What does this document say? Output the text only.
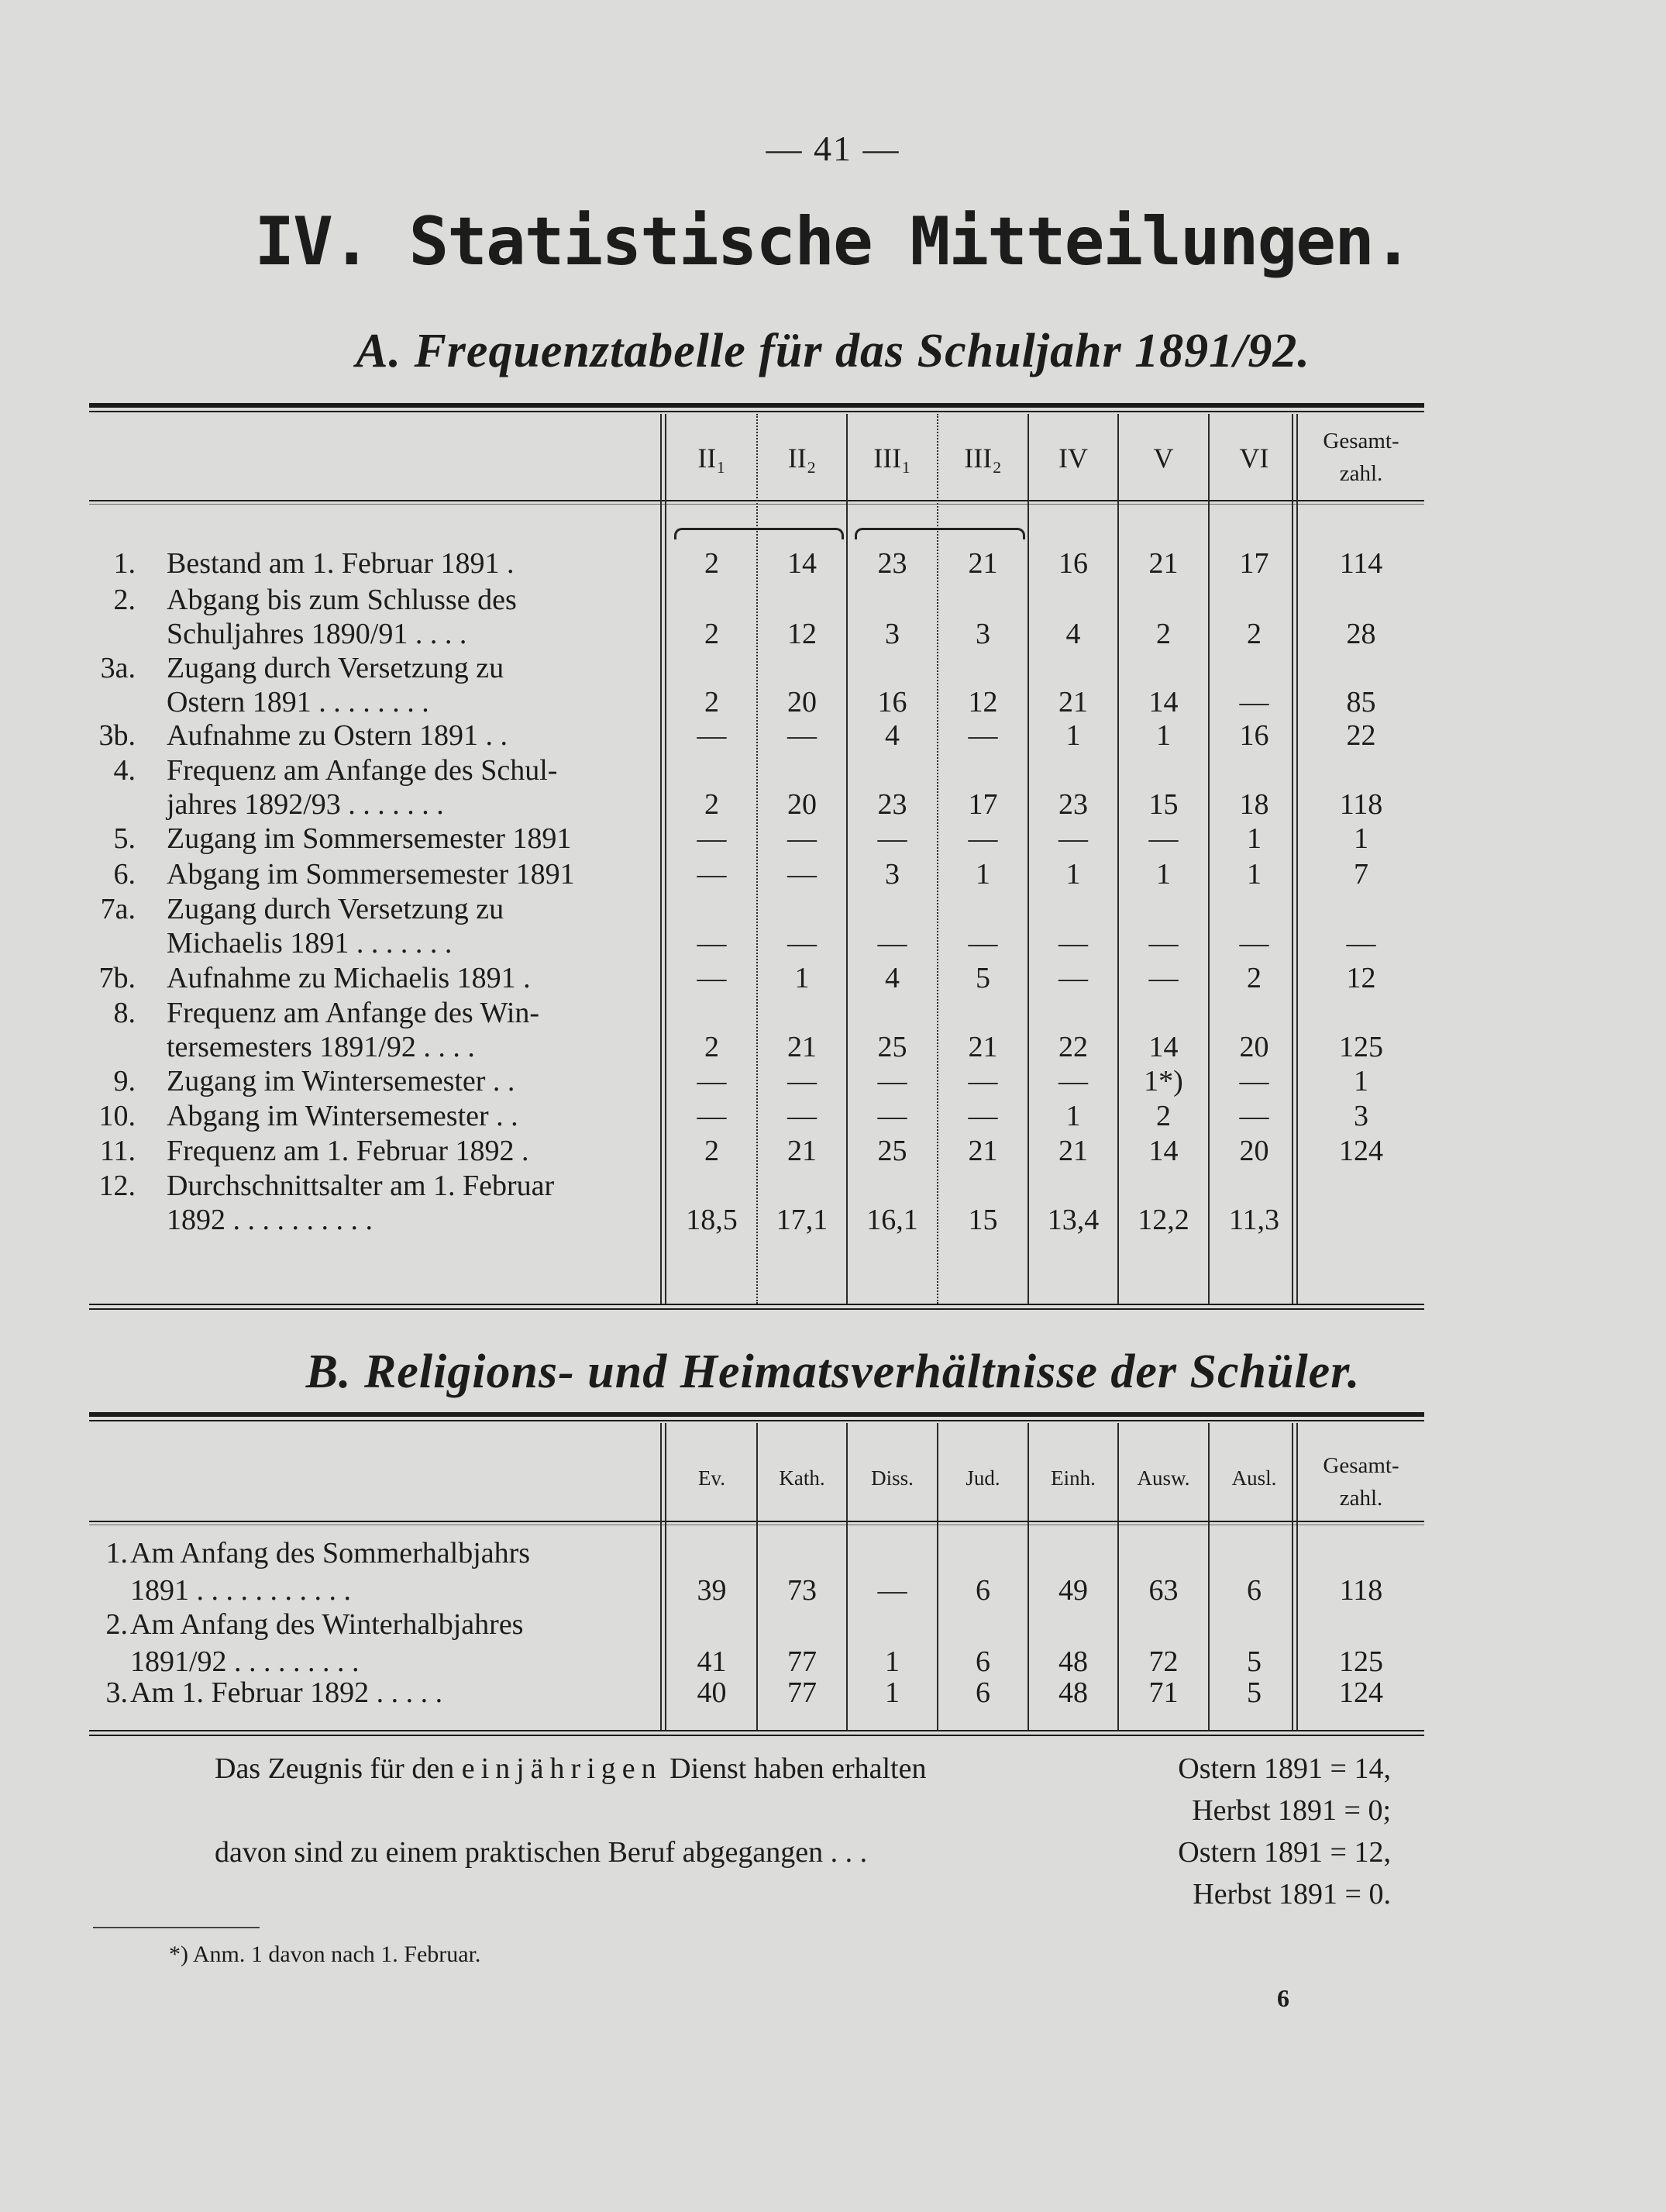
— 41 —
IV. Statistische Mitteilungen.
A. Frequenztabelle für das Schuljahr 1891/92.
II₁	II₂	III₁	III₂	IV	V	VI
Gesamt-
zahl.
1. Bestand am 1. Februar 1891 .	2	14	23	21	16	21	17	114
2. Abgang bis zum Schlusse des
Schuljahres 1890/91 . . . .	2	12	3	3	4	2	2	28
3a. Zugang durch Versetzung zu
Ostern 1891 . . . . . . . .	2	20	16	12	21	14	—	85
3b. Aufnahme zu Ostern 1891 . .	—	—	4	—	1	1	16	22
4. Frequenz am Anfange des Schul-
jahres 1892/93 . . . . . . .	2	20	23	17	23	15	18	118
5. Zugang im Sommersemester 1891	—	—	—	—	—	—	1	1
6. Abgang im Sommersemester 1891	—	—	3	1	1	1	1	7
7a. Zugang durch Versetzung zu
Michaelis 1891 . . . . . . .	—	—	—	—	—	—	—	—
7b. Aufnahme zu Michaelis 1891 .	—	1	4	5	—	—	2	12
8. Frequenz am Anfange des Win-
tersemesters 1891/92 . . . .	2	21	25	21	22	14	20	125
9. Zugang im Wintersemester . .	—	—	—	—	—	1*)	—	1
10. Abgang im Wintersemester . .	—	—	—	—	1	2	—	3
11. Frequenz am 1. Februar 1892 .	2	21	25	21	21	14	20	124
12. Durchschnittsalter am 1. Februar
1892 . . . . . . . . . .	18,5	17,1	16,1	15	13,4	12,2	11,3
B. Religions- und Heimatsverhältnisse der Schüler.
Ev.	Kath.	Diss.	Jud.	Einh.	Ausw.	Ausl.	Gesamt-
zahl.
1. Am Anfang des Sommerhalbjahrs
1891 . . . . . . . . . . .	39	73	—	6	49	63	6	118
2. Am Anfang des Winterhalbjahres
1891/92 . . . . . . . . .	41	77	1	6	48	72	5	125
3. Am 1. Februar 1892 . . . . .	40	77	1	6	48	71	5	124
Das Zeugnis für den einjährigen Dienst haben erhalten
davon sind zu einem praktischen Beruf abgegangen . . .
Ostern 1891 = 14,
Herbst 1891 = 0;
Ostern 1891 = 12,
Herbst 1891 = 0.
*) Anm. 1 davon nach 1. Februar.
6
